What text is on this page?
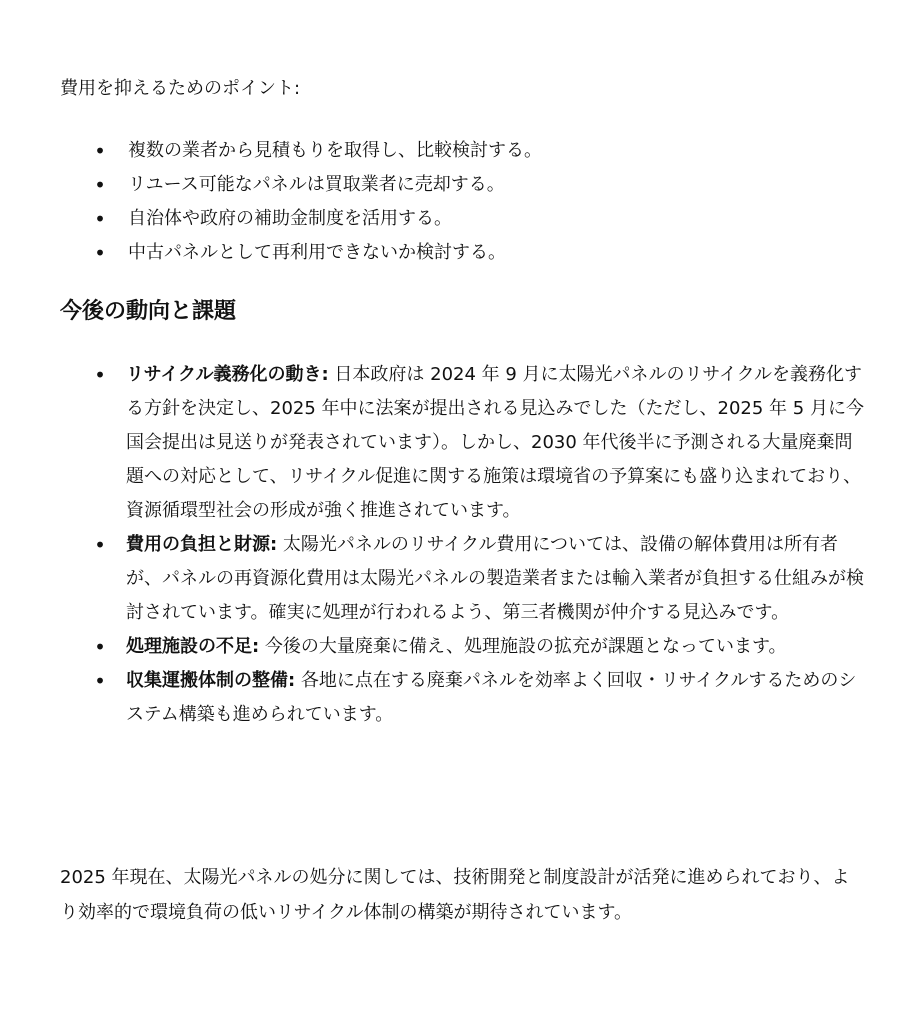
費用を抑えるためのポイント:
• 複数の業者から見積もりを取得し、比較検討する。
• リユース可能なパネルは買取業者に売却する。
• 自治体や政府の補助金制度を活用する。
• 中古パネルとして再利用できないか検討する。
今後の動向と課題
• リサイクル義務化の動き: 日本政府は 2024 年 9 月に太陽光パネルのリサイクルを義務化する方針を決定し、2025 年中に法案が提出される見込みでした（ただし、2025 年 5 月に今国会提出は見送りが発表されています）。しかし、2030 年代後半に予測される大量廃棄問題への対応として、リサイクル促進に関する施策は環境省の予算案にも盛り込まれており、資源循環型社会の形成が強く推進されています。
• 費用の負担と財源: 太陽光パネルのリサイクル費用については、設備の解体費用は所有者が、パネルの再資源化費用は太陽光パネルの製造業者または輸入業者が負担する仕組みが検討されています。確実に処理が行われるよう、第三者機関が仲介する見込みです。
• 処理施設の不足: 今後の大量廃棄に備え、処理施設の拡充が課題となっています。
• 収集運搬体制の整備: 各地に点在する廃棄パネルを効率よく回収・リサイクルするためのシステム構築も進められています。

2025 年現在、太陽光パネルの処分に関しては、技術開発と制度設計が活発に進められており、より効率的で環境負荷の低いリサイクル体制の構築が期待されています。
